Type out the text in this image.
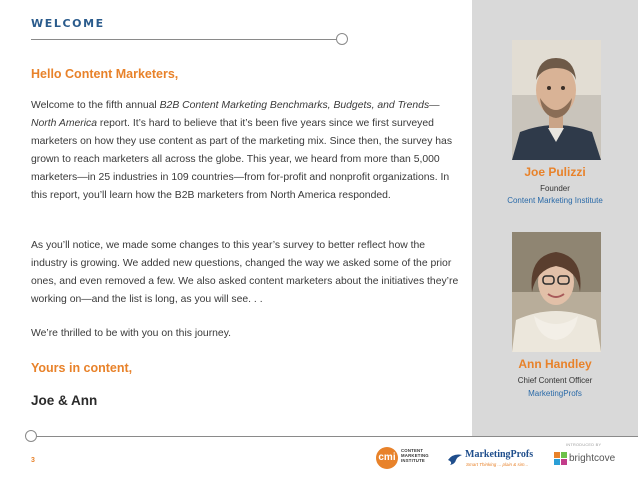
WELCOME
Hello Content Marketers,

Welcome to the fifth annual B2B Content Marketing Benchmarks, Budgets, and Trends—North America report. It’s hard to believe that it’s been five years since we first surveyed marketers on how they use content as part of the marketing mix. Since then, the survey has grown to reach marketers all across the globe. This year, we heard from more than 5,000 marketers—in 25 industries in 109 countries—from for-profit and nonprofit organizations. In this report, you’ll learn how the B2B marketers from North America responded.

As you’ll notice, we made some changes to this year’s survey to better reflect how the industry is growing. We added new questions, changed the way we asked some of the prior ones, and even removed a few. We also asked content marketers about the initiatives they’re working on—and the list is long, as you will see. . .

We’re thrilled to be with you on this journey.

Yours in content,
Joe & Ann
3
Joe Pulizzi
Founder
Content Marketing Institute
Ann Handley
Chief Content Officer
MarketingProfs
cmi
CONTENT MARKETING INSTITUTE
MarketingProfs
Smart Thinking ... plain & sim...
INTRODUCED BY
brightcove
